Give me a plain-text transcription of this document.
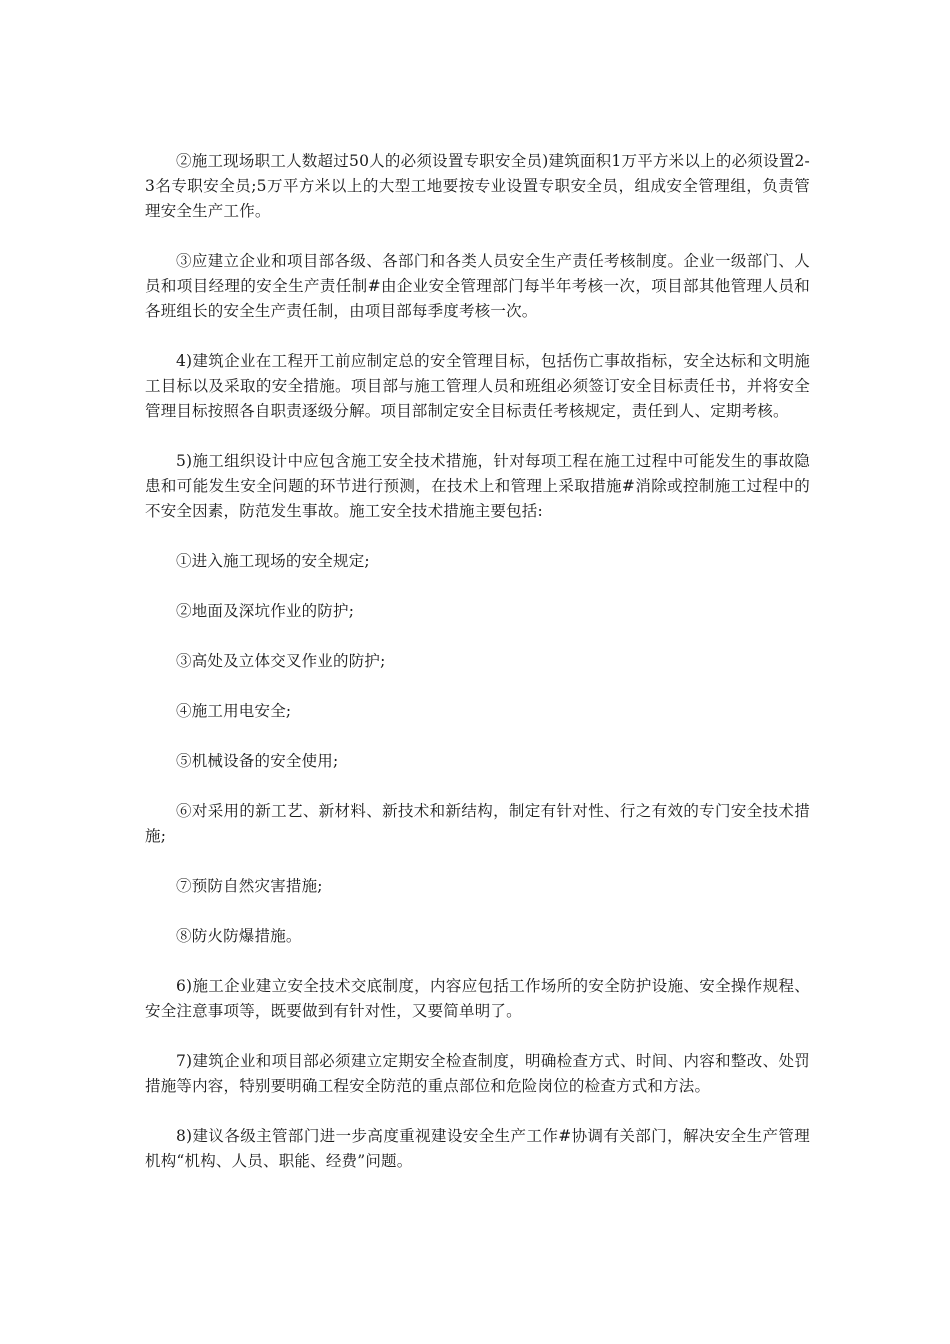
②施工现场职工人数超过50人的必须设置专职安全员)建筑面积1万平方米以上的必须设置2-3名专职安全员;5万平方米以上的大型工地要按专业设置专职安全员，组成安全管理组，负责管理安全生产工作。

③应建立企业和项目部各级、各部门和各类人员安全生产责任考核制度。企业一级部门、人员和项目经理的安全生产责任制#由企业安全管理部门每半年考核一次，项目部其他管理人员和各班组长的安全生产责任制，由项目部每季度考核一次。

4)建筑企业在工程开工前应制定总的安全管理目标，包括伤亡事故指标，安全达标和文明施工目标以及采取的安全措施。项目部与施工管理人员和班组必须签订安全目标责任书，并将安全管理目标按照各自职责逐级分解。项目部制定安全目标责任考核规定，责任到人、定期考核。

5)施工组织设计中应包含施工安全技术措施，针对每项工程在施工过程中可能发生的事故隐患和可能发生安全问题的环节进行预测，在技术上和管理上采取措施#消除或控制施工过程中的不安全因素，防范发生事故。施工安全技术措施主要包括:

①进入施工现场的安全规定;

②地面及深坑作业的防护;

③高处及立体交叉作业的防护;

④施工用电安全;

⑤机械设备的安全使用;

⑥对采用的新工艺、新材料、新技术和新结构，制定有针对性、行之有效的专门安全技术措施;

⑦预防自然灾害措施;

⑧防火防爆措施。

6)施工企业建立安全技术交底制度，内容应包括工作场所的安全防护设施、安全操作规程、安全注意事项等，既要做到有针对性，又要简单明了。

7)建筑企业和项目部必须建立定期安全检查制度，明确检查方式、时间、内容和整改、处罚措施等内容，特别要明确工程安全防范的重点部位和危险岗位的检查方式和方法。

8)建议各级主管部门进一步高度重视建设安全生产工作#协调有关部门，解决安全生产管理机构“机构、人员、职能、经费”问题。
